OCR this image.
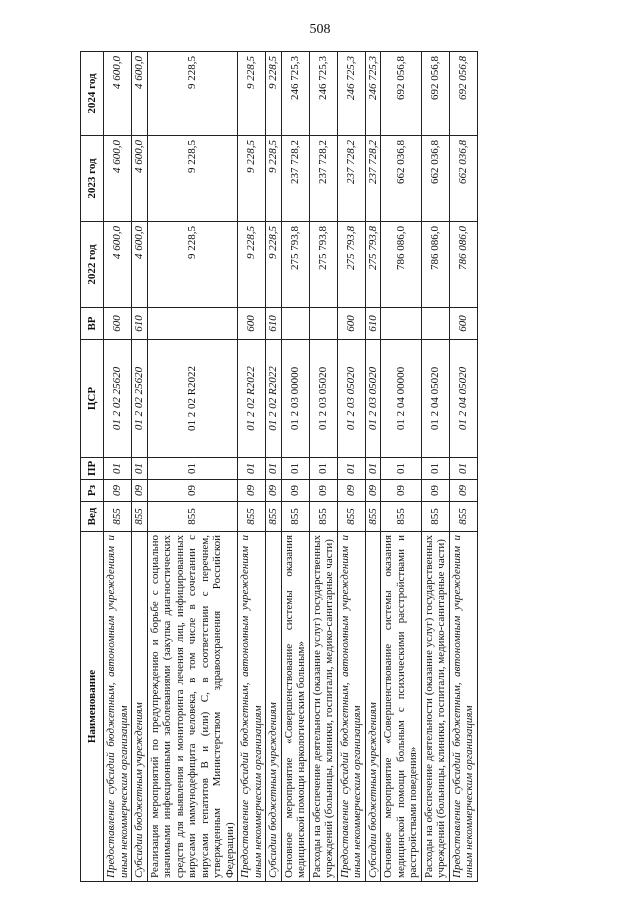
508
Наименование	Вед	Рз	ПР	ЦСР	ВР	2022 год	2023 год	2024 год
Предоставление субсидий бюджетным, автономным учреждениям и иным некоммерческим организациям	855	09	01	01 2 02 25620	600	4 600,0	4 600,0	4 600,0
Субсидии бюджетным учреждениям	855	09	01	01 2 02 25620	610	4 600,0	4 600,0	4 600,0
Реализация мероприятий по предупреждению и борьбе с социально значимыми инфекционными заболеваниями (закупка диагностических средств для выявления и мониторинга лечения лиц, инфицированных вирусами иммунодефицита человека, в том числе в сочетании с вирусами гепатитов В и (или) С, в соответствии с перечнем, утвержденным Министерством здравоохранения Российской Федерации)	855	09	01	01 2 02 R2022		9 228,5	9 228,5	9 228,5
Предоставление субсидий бюджетным, автономным учреждениям и иным некоммерческим организациям	855	09	01	01 2 02 R2022	600	9 228,5	9 228,5	9 228,5
Субсидии бюджетным учреждениям	855	09	01	01 2 02 R2022	610	9 228,5	9 228,5	9 228,5
Основное мероприятие «Совершенствование системы оказания медицинской помощи наркологическим больным»	855	09	01	01 2 03 00000		275 793,8	237 728,2	246 725,3
Расходы на обеспечение деятельности (оказание услуг) государственных учреждений (больницы, клиники, госпитали, медико-санитарные части)	855	09	01	01 2 03 05020		275 793,8	237 728,2	246 725,3
Предоставление субсидий бюджетным, автономным учреждениям и иным некоммерческим организациям	855	09	01	01 2 03 05020	600	275 793,8	237 728,2	246 725,3
Субсидии бюджетным учреждениям	855	09	01	01 2 03 05020	610	275 793,8	237 728,2	246 725,3
Основное мероприятие «Совершенствование системы оказания медицинской помощи больным с психическими расстройствами и расстройствами поведения»	855	09	01	01 2 04 00000		786 086,0	662 036,8	692 056,8
Расходы на обеспечение деятельности (оказание услуг) государственных учреждений (больницы, клиники, госпитали, медико-санитарные части)	855	09	01	01 2 04 05020		786 086,0	662 036,8	692 056,8
Предоставление субсидий бюджетным, автономным учреждениям и иным некоммерческим организациям	855	09	01	01 2 04 05020	600	786 086,0	662 036,8	692 056,8
